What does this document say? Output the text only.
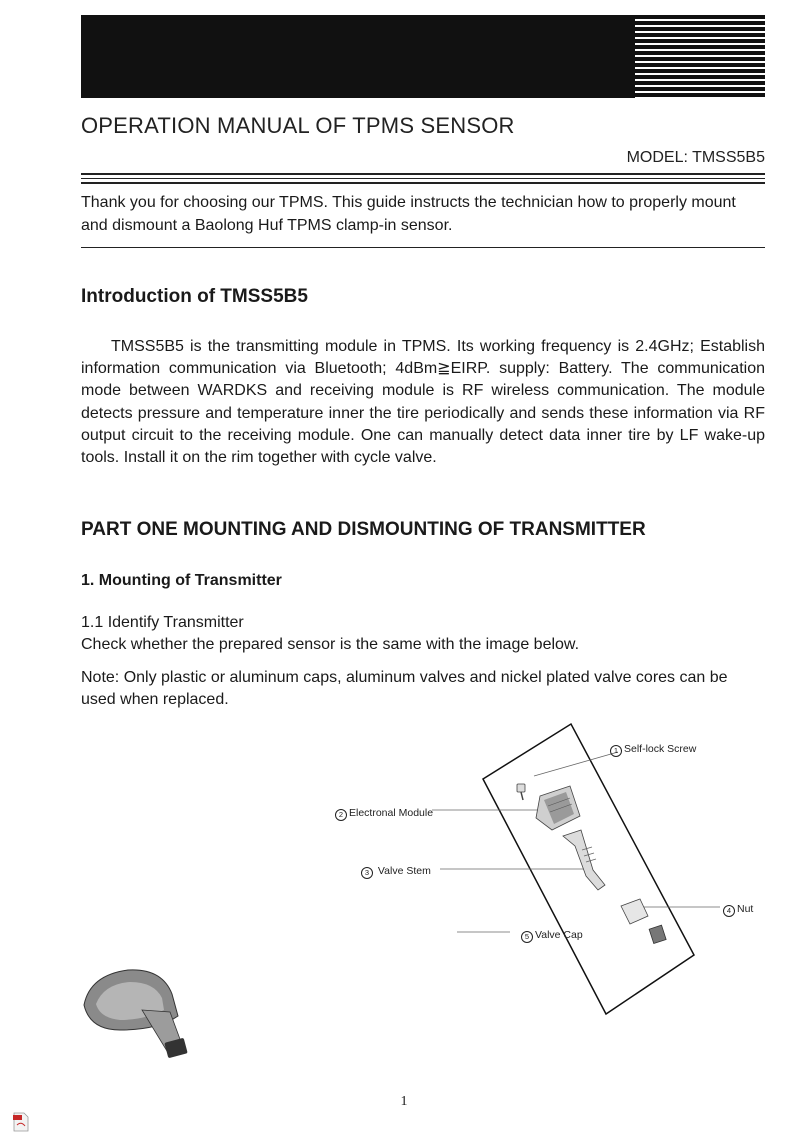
OPERATION MANUAL OF TPMS SENSOR
MODEL: TMSS5B5
Thank you for choosing our TPMS. This guide instructs the technician how to properly mount and dismount a Baolong Huf TPMS clamp-in sensor.
Introduction of TMSS5B5
TMSS5B5 is the transmitting module in TPMS. Its working frequency is 2.4GHz; Establish information communication via Bluetooth; 4dBm≧EIRP. supply: Battery. The communication mode between WARDKS and receiving module is RF wireless communication. The module detects pressure and temperature inner the tire periodically and sends these information via RF output circuit to the receiving module. One can manually detect data inner tire by LF wake-up tools. Install it on the rim together with cycle valve.
PART ONE MOUNTING AND DISMOUNTING OF TRANSMITTER
1. Mounting of Transmitter
1.1 Identify Transmitter
Check whether the prepared sensor is the same with the image below.
Note: Only plastic or aluminum caps, aluminum valves and nickel plated valve cores can be used when replaced.
1 Self-lock Screw
2 Electronal Module
3 Valve Stem
4 Nut
5 Valve Cap
1
